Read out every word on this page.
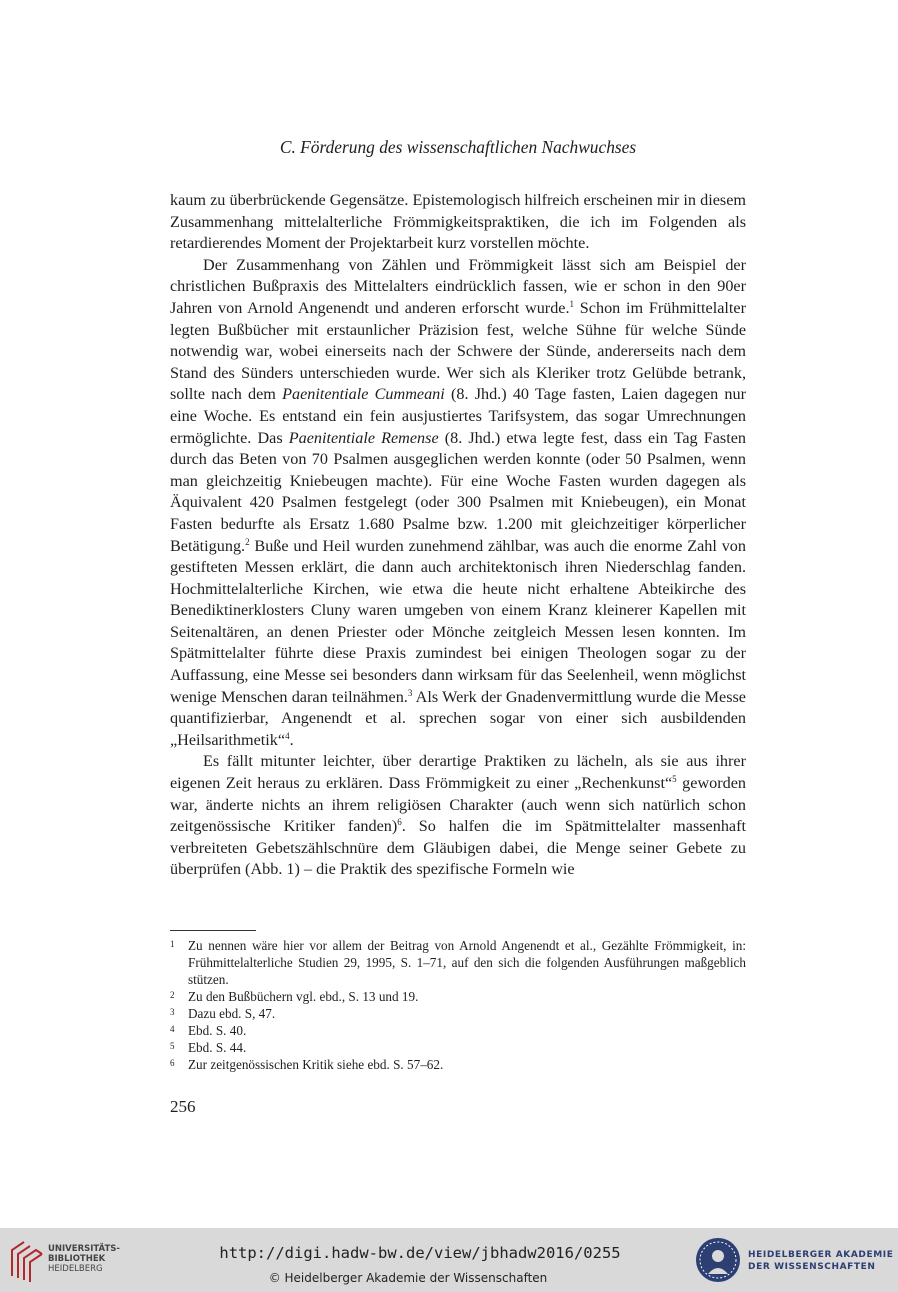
C. Förderung des wissenschaftlichen Nachwuchses

kaum zu überbrückende Gegensätze. Epistemologisch hilfreich erscheinen mir in diesem Zusammenhang mittelalterliche Frömmigkeitspraktiken, die ich im Folgenden als retardierendes Moment der Projektarbeit kurz vorstellen möchte.

Der Zusammenhang von Zählen und Frömmigkeit lässt sich am Beispiel der christlichen Bußpraxis des Mittelalters eindrücklich fassen, wie er schon in den 90er Jahren von Arnold Angenendt und anderen erforscht wurde.$^1$ Schon im Frühmittelalter legten Bußbücher mit erstaunlicher Präzision fest, welche Sühne für welche Sünde notwendig war, wobei einerseits nach der Schwere der Sünde, andererseits nach dem Stand des Sünders unterschieden wurde. Wer sich als Kleriker trotz Gelübde betrank, sollte nach dem Paenitentiale Cummeani (8. Jhd.) 40 Tage fasten, Laien dagegen nur eine Woche. Es entstand ein fein ausjustiertes Tarifsystem, das sogar Umrechnungen ermöglichte. Das Paenitentiale Remense (8. Jhd.) etwa legte fest, dass ein Tag Fasten durch das Beten von 70 Psalmen ausgeglichen werden konnte (oder 50 Psalmen, wenn man gleichzeitig Kniebeugen machte). Für eine Woche Fasten wurden dagegen als Äquivalent 420 Psalmen festgelegt (oder 300 Psalmen mit Kniebeugen), ein Monat Fasten bedurfte als Ersatz 1.680 Psalme bzw. 1.200 mit gleichzeitiger körperlicher Betätigung.$^2$ Buße und Heil wurden zunehmend zählbar, was auch die enorme Zahl von gestifteten Messen erklärt, die dann auch architektonisch ihren Niederschlag fanden. Hochmittelalterliche Kirchen, wie etwa die heute nicht erhaltene Abteikirche des Benediktinerklosters Cluny waren umgeben von einem Kranz kleinerer Kapellen mit Seitenaltären, an denen Priester oder Mönche zeitgleich Messen lesen konnten. Im Spätmittelalter führte diese Praxis zumindest bei einigen Theologen sogar zu der Auffassung, eine Messe sei besonders dann wirksam für das Seelenheil, wenn möglichst wenige Menschen daran teilnähmen.$^3$ Als Werk der Gnadenvermittlung wurde die Messe quantifizierbar, Angenendt et al. sprechen sogar von einer sich ausbildenden „Heilsarithmetik“$^4$.

Es fällt mitunter leichter, über derartige Praktiken zu lächeln, als sie aus ihrer eigenen Zeit heraus zu erklären. Dass Frömmigkeit zu einer „Rechenkunst“$^5$ geworden war, änderte nichts an ihrem religiösen Charakter (auch wenn sich natürlich schon zeitgenössische Kritiker fanden)$^6$. So halfen die im Spätmittelalter massenhaft verbreiteten Gebetszählschnüre dem Gläubigen dabei, die Menge seiner Gebete zu überprüfen (Abb. 1) – die Praktik des spezifische Formeln wie

1	Zu nennen wäre hier vor allem der Beitrag von Arnold Angenendt et al., Gezählte Frömmigkeit, in: Frühmittelalterliche Studien 29, 1995, S. 1–71, auf den sich die folgenden Ausführungen maßgeblich stützen.
2	Zu den Bußbüchern vgl. ebd., S. 13 und 19.
3	Dazu ebd. S, 47.
4	Ebd. S. 40.
5	Ebd. S. 44.
6	Zur zeitgenössischen Kritik siehe ebd. S. 57–62.
256
UNIVERSITÄTS-
BIBLIOTHEK
HEIDELBERG
http://digi.hadw-bw.de/view/jbhadw2016/0255
© Heidelberger Akademie der Wissenschaften
HEIDELBERGER AKADEMIE
DER WISSENSCHAFTEN
